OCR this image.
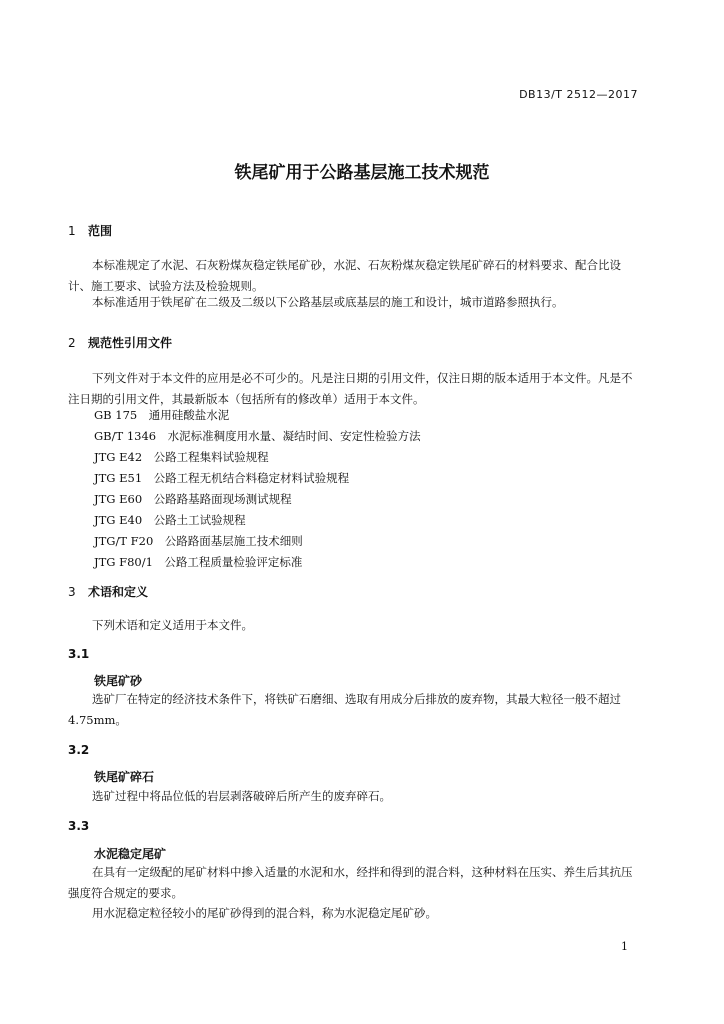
DB13/T 2512—2017
铁尾矿用于公路基层施工技术规范
1 范围

本标准规定了水泥、石灰粉煤灰稳定铁尾矿砂，水泥、石灰粉煤灰稳定铁尾矿碎石的材料要求、配合比设计、施工要求、试验方法及检验规则。

本标准适用于铁尾矿在二级及二级以下公路基层或底基层的施工和设计，城市道路参照执行。

2 规范性引用文件

下列文件对于本文件的应用是必不可少的。凡是注日期的引用文件，仅注日期的版本适用于本文件。凡是不注日期的引用文件，其最新版本（包括所有的修改单）适用于本文件。

GB 175　通用硅酸盐水泥
GB/T 1346　水泥标准稠度用水量、凝结时间、安定性检验方法
JTG E42　公路工程集料试验规程
JTG E51　公路工程无机结合料稳定材料试验规程
JTG E60　公路路基路面现场测试规程
JTG E40　公路土工试验规程
JTG/T F20　公路路面基层施工技术细则
JTG F80/1　公路工程质量检验评定标准
3 术语和定义

下列术语和定义适用于本文件。

3.1
铁尾矿砂

选矿厂在特定的经济技术条件下，将铁矿石磨细、选取有用成分后排放的废弃物，其最大粒径一般不超过4.75mm。

3.2
铁尾矿碎石

选矿过程中将品位低的岩层剥落破碎后所产生的废弃碎石。

3.3
水泥稳定尾矿

在具有一定级配的尾矿材料中掺入适量的水泥和水，经拌和得到的混合料，这种材料在压实、养生后其抗压强度符合规定的要求。

用水泥稳定粒径较小的尾矿砂得到的混合料，称为水泥稳定尾矿砂。

1
